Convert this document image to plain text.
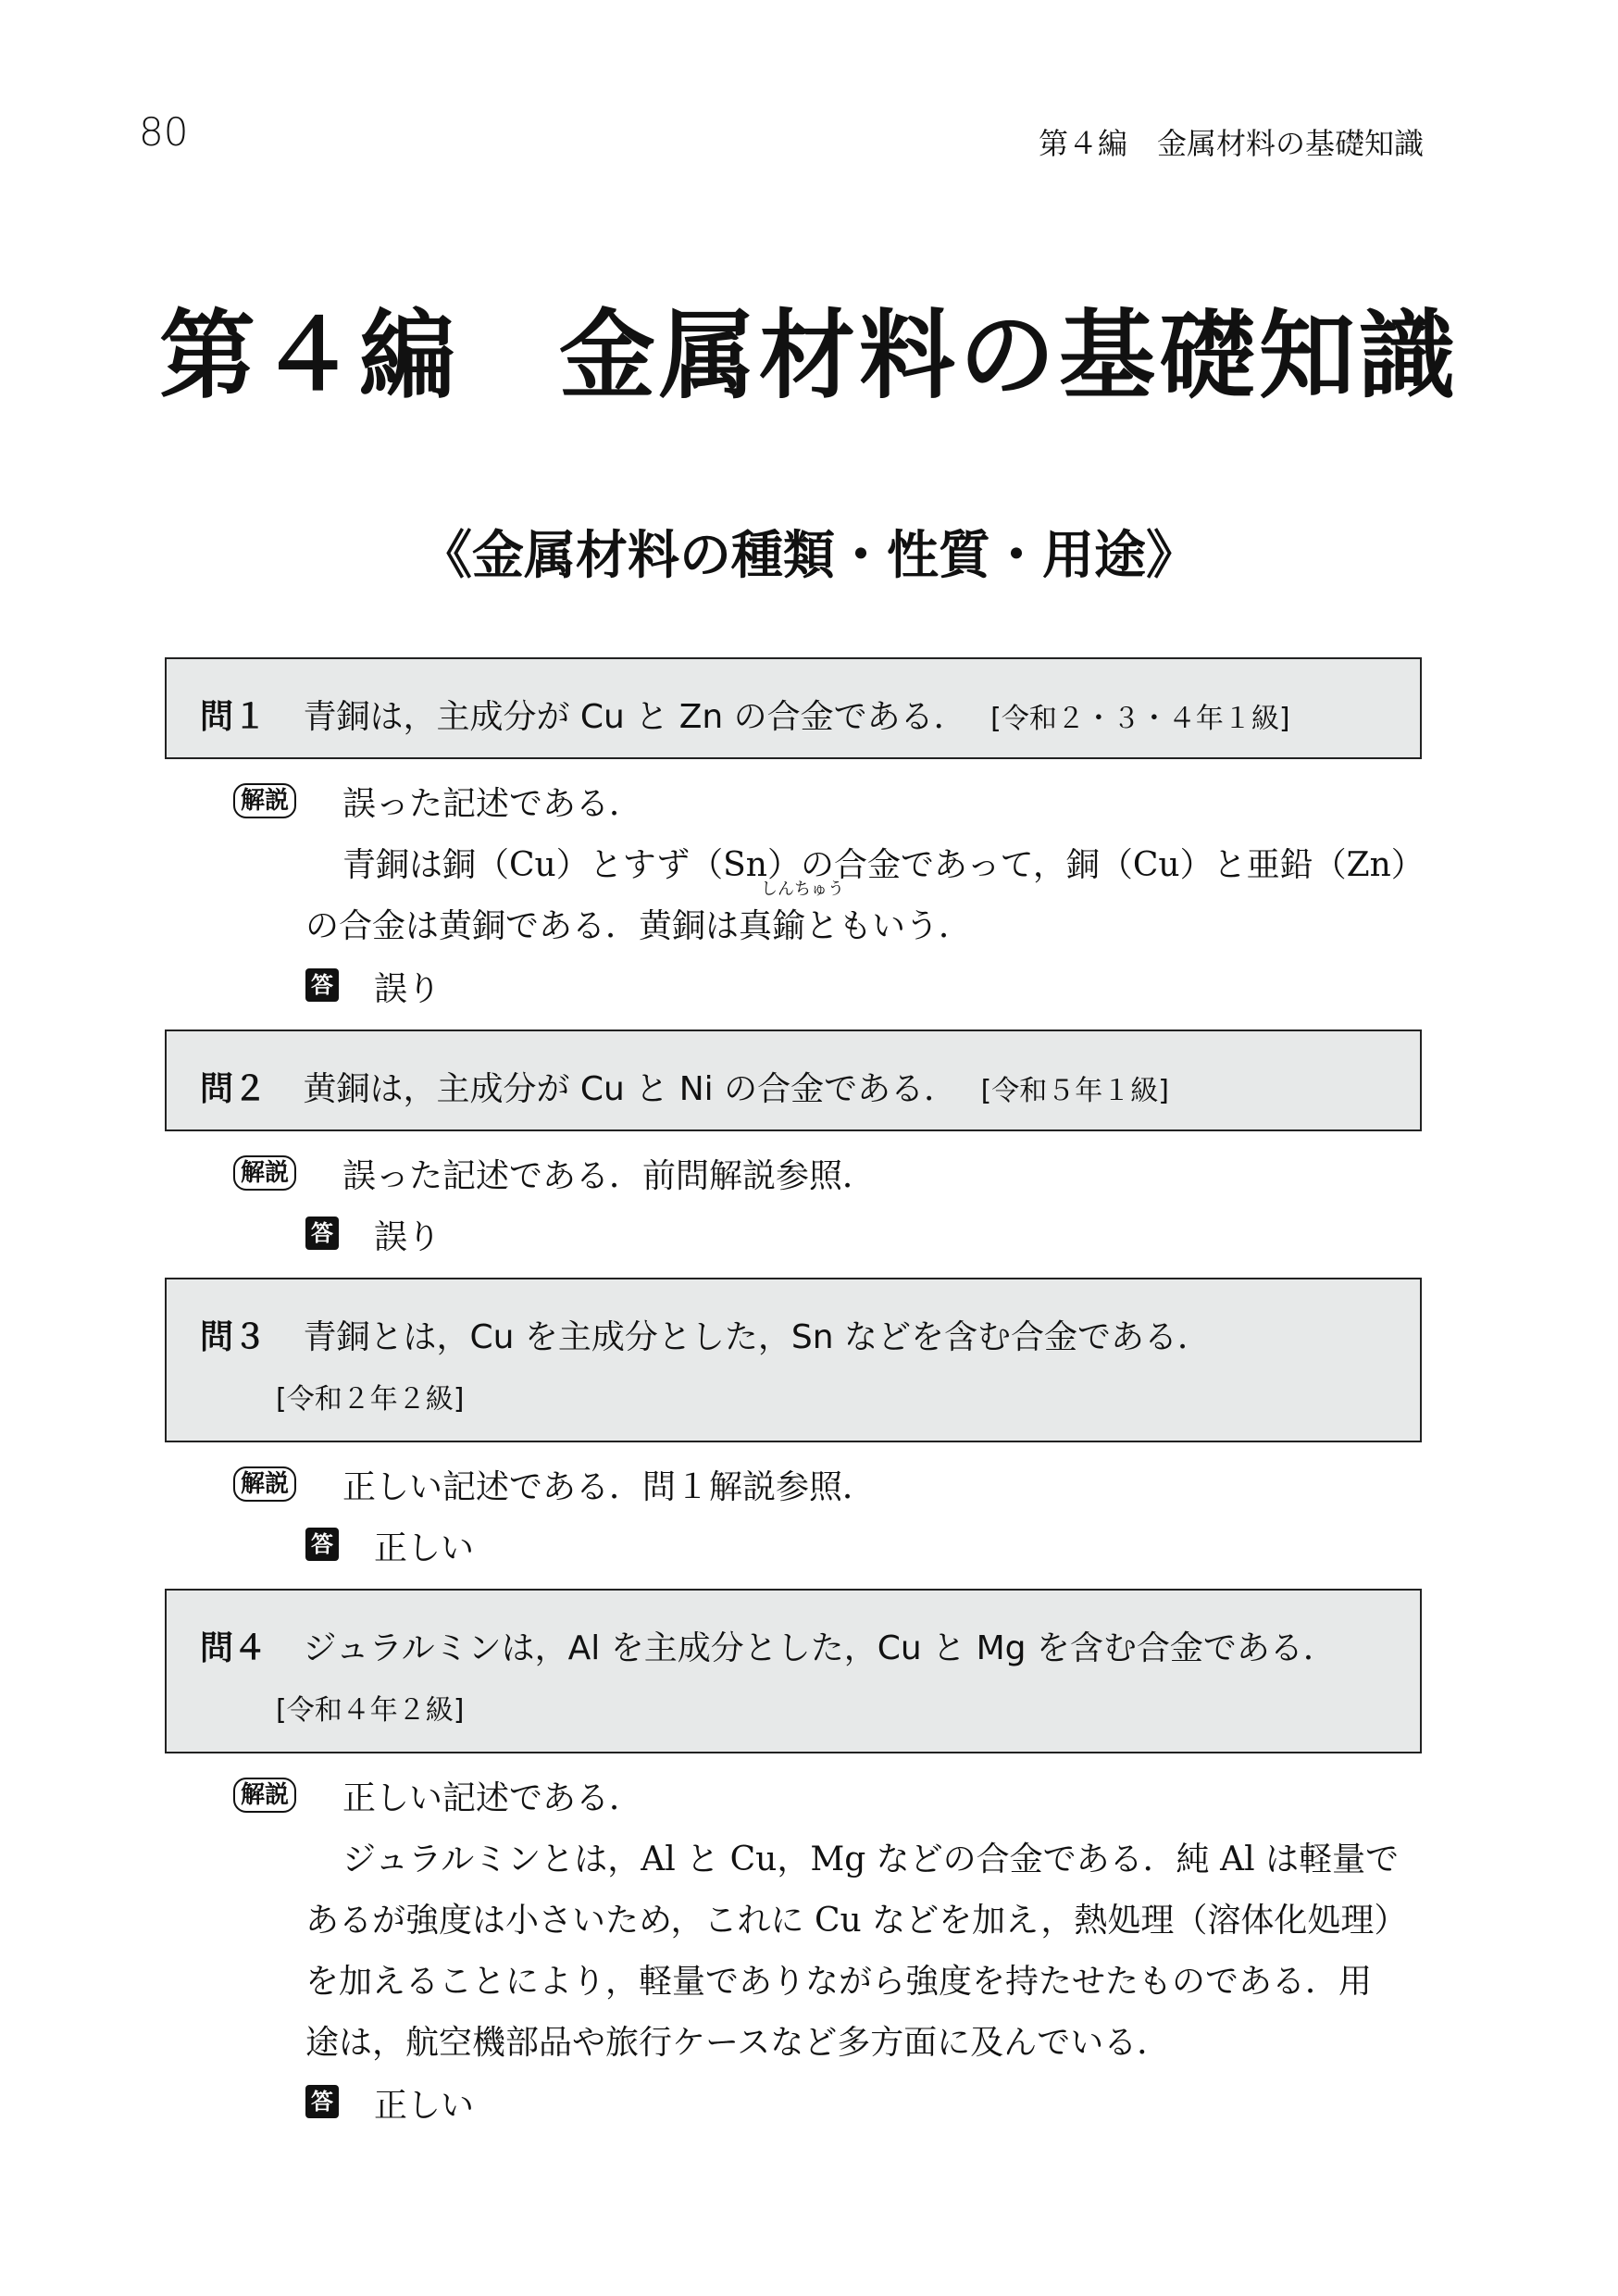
80	第４編　金属材料の基礎知識
第４編　金属材料の基礎知識
《金属材料の種類・性質・用途》
問１ 青銅は，主成分が Cu と Zn の合金である． [令和２・３・４年１級]
解説 誤った記述である．
青銅は銅（Cu）とすず（Sn）の合金であって，銅（Cu）と亜鉛（Zn）
しんちゅう
の合金は黄銅である．黄銅は真鍮ともいう．
答 誤り
問２ 黄銅は，主成分が Cu と Ni の合金である． [令和５年１級]
解説 誤った記述である．前問解説参照．
答 誤り
問３ 青銅とは，Cu を主成分とした，Sn などを含む合金である．
[令和２年２級]
解説 正しい記述である．問１解説参照．
答 正しい
問４ ジュラルミンは，Al を主成分とした，Cu と Mg を含む合金である．
[令和４年２級]
解説 正しい記述である．
ジュラルミンとは，Al と Cu，Mg などの合金である．純 Al は軽量で
あるが強度は小さいため，これに Cu などを加え，熱処理（溶体化処理）
を加えることにより，軽量でありながら強度を持たせたものである．用
途は，航空機部品や旅行ケースなど多方面に及んでいる．
答 正しい
